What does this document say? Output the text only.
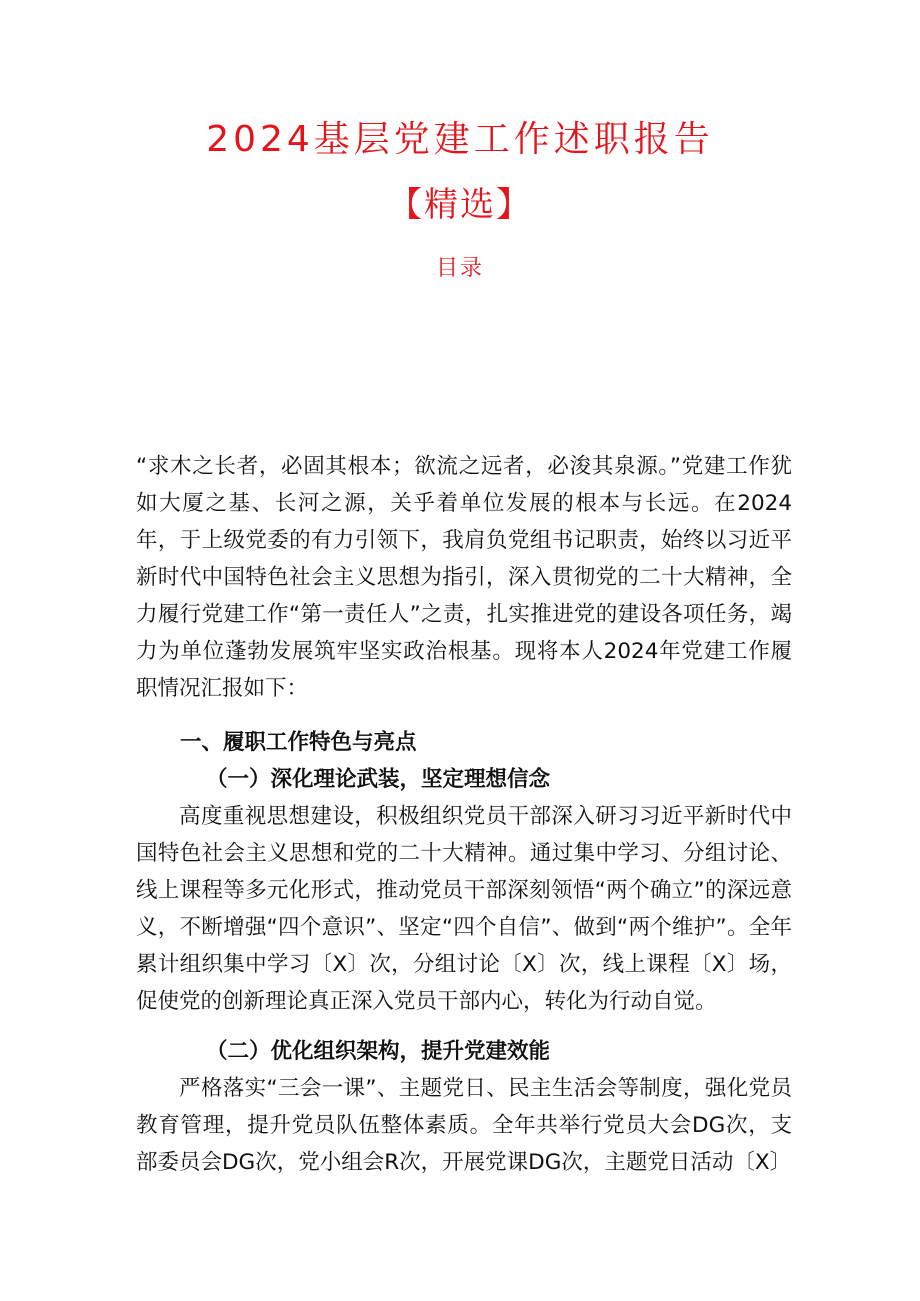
2024基层党建工作述职报告
【精选】
目录
“求木之长者，必固其根本；欲流之远者，必浚其泉源。”党建工作犹如大厦之基、长河之源，关乎着单位发展的根本与长远。在2024年，于上级党委的有力引领下，我肩负党组书记职责，始终以习近平新时代中国特色社会主义思想为指引，深入贯彻党的二十大精神，全力履行党建工作“第一责任人”之责，扎实推进党的建设各项任务，竭力为单位蓬勃发展筑牢坚实政治根基。现将本人2024年党建工作履职情况汇报如下：
一、履职工作特色与亮点
（一）深化理论武装，坚定理想信念
高度重视思想建设，积极组织党员干部深入研习习近平新时代中国特色社会主义思想和党的二十大精神。通过集中学习、分组讨论、线上课程等多元化形式，推动党员干部深刻领悟“两个确立”的深远意义，不断增强“四个意识”、坚定“四个自信”、做到“两个维护”。全年累计组织集中学习〔X〕次，分组讨论〔X〕次，线上课程〔X〕场，促使党的创新理论真正深入党员干部内心，转化为行动自觉。
（二）优化组织架构，提升党建效能
严格落实“三会一课”、主题党日、民主生活会等制度，强化党员教育管理，提升党员队伍整体素质。全年共举行党员大会DG次，支部委员会DG次，党小组会R次，开展党课DG次，主题党日活动〔X〕
